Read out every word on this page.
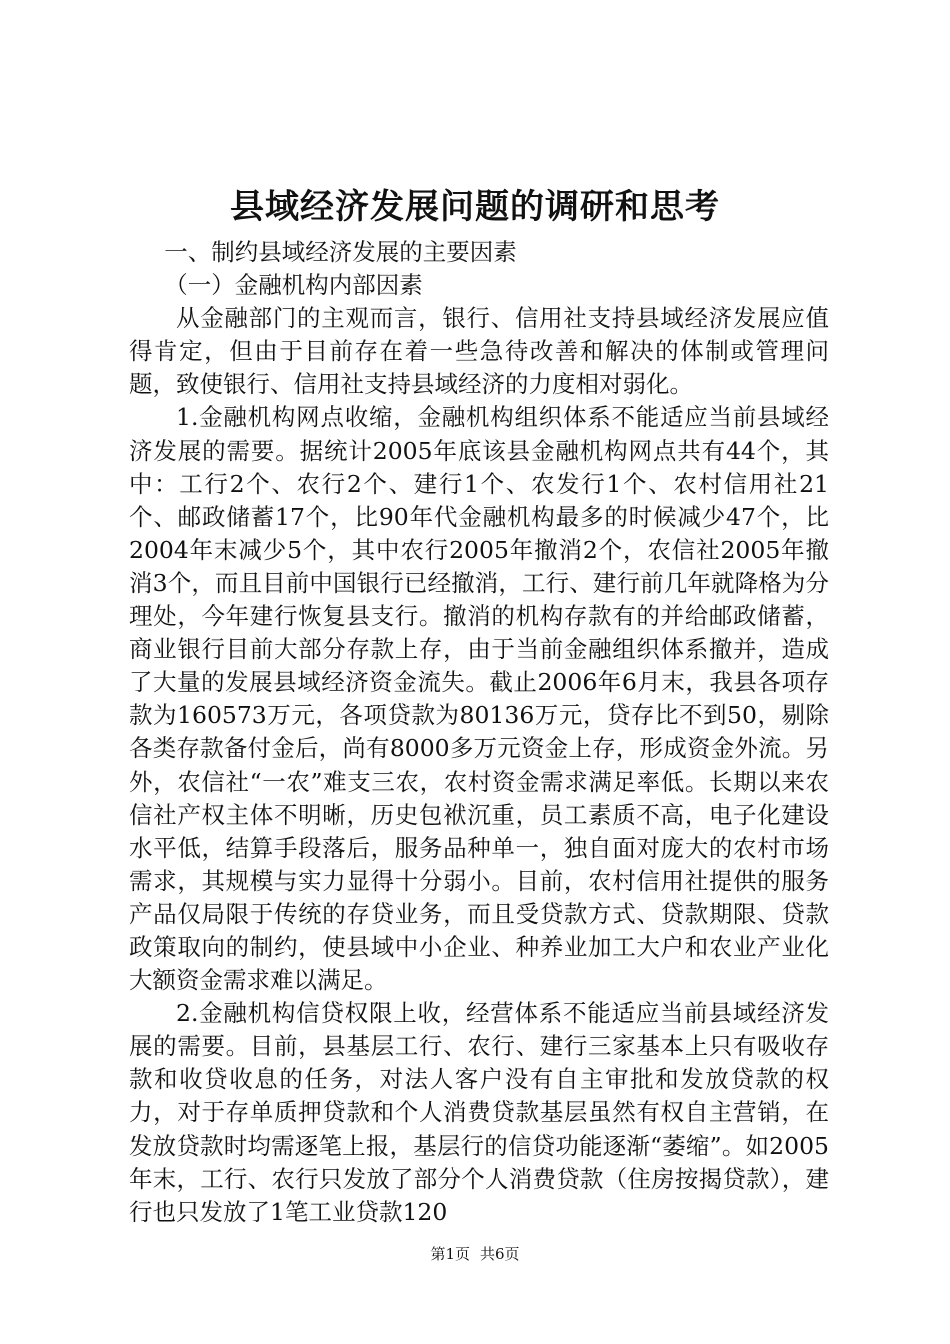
县域经济发展问题的调研和思考

一、制约县域经济发展的主要因素

（一）金融机构内部因素

从金融部门的主观而言，银行、信用社支持县域经济发展应值得肯定，但由于目前存在着一些急待改善和解决的体制或管理问题，致使银行、信用社支持县域经济的力度相对弱化。

1.金融机构网点收缩，金融机构组织体系不能适应当前县域经济发展的需要。据统计2005年底该县金融机构网点共有44个，其中：工行2个、农行2个、建行1个、农发行1个、农村信用社21个、邮政储蓄17个，比90年代金融机构最多的时候减少47个，比2004年末减少5个，其中农行2005年撤消2个，农信社2005年撤消3个，而且目前中国银行已经撤消，工行、建行前几年就降格为分理处，今年建行恢复县支行。撤消的机构存款有的并给邮政储蓄，商业银行目前大部分存款上存，由于当前金融组织体系撤并，造成了大量的发展县域经济资金流失。截止2006年6月末，我县各项存款为160573万元，各项贷款为80136万元，贷存比不到50，剔除各类存款备付金后，尚有8000多万元资金上存，形成资金外流。另外，农信社“一农”难支三农，农村资金需求满足率低。长期以来农信社产权主体不明晰，历史包袱沉重，员工素质不高，电子化建设水平低，结算手段落后，服务品种单一，独自面对庞大的农村市场需求，其规模与实力显得十分弱小。目前，农村信用社提供的服务产品仅局限于传统的存贷业务，而且受贷款方式、贷款期限、贷款政策取向的制约，使县域中小企业、种养业加工大户和农业产业化大额资金需求难以满足。

2.金融机构信贷权限上收，经营体系不能适应当前县域经济发展的需要。目前，县基层工行、农行、建行三家基本上只有吸收存款和收贷收息的任务，对法人客户没有自主审批和发放贷款的权力，对于存单质押贷款和个人消费贷款基层虽然有权自主营销，在发放贷款时均需逐笔上报，基层行的信贷功能逐渐“萎缩”。如2005年末，工行、农行只发放了部分个人消费贷款（住房按揭贷款），建行也只发放了1笔工业贷款120

第1页 共6页
